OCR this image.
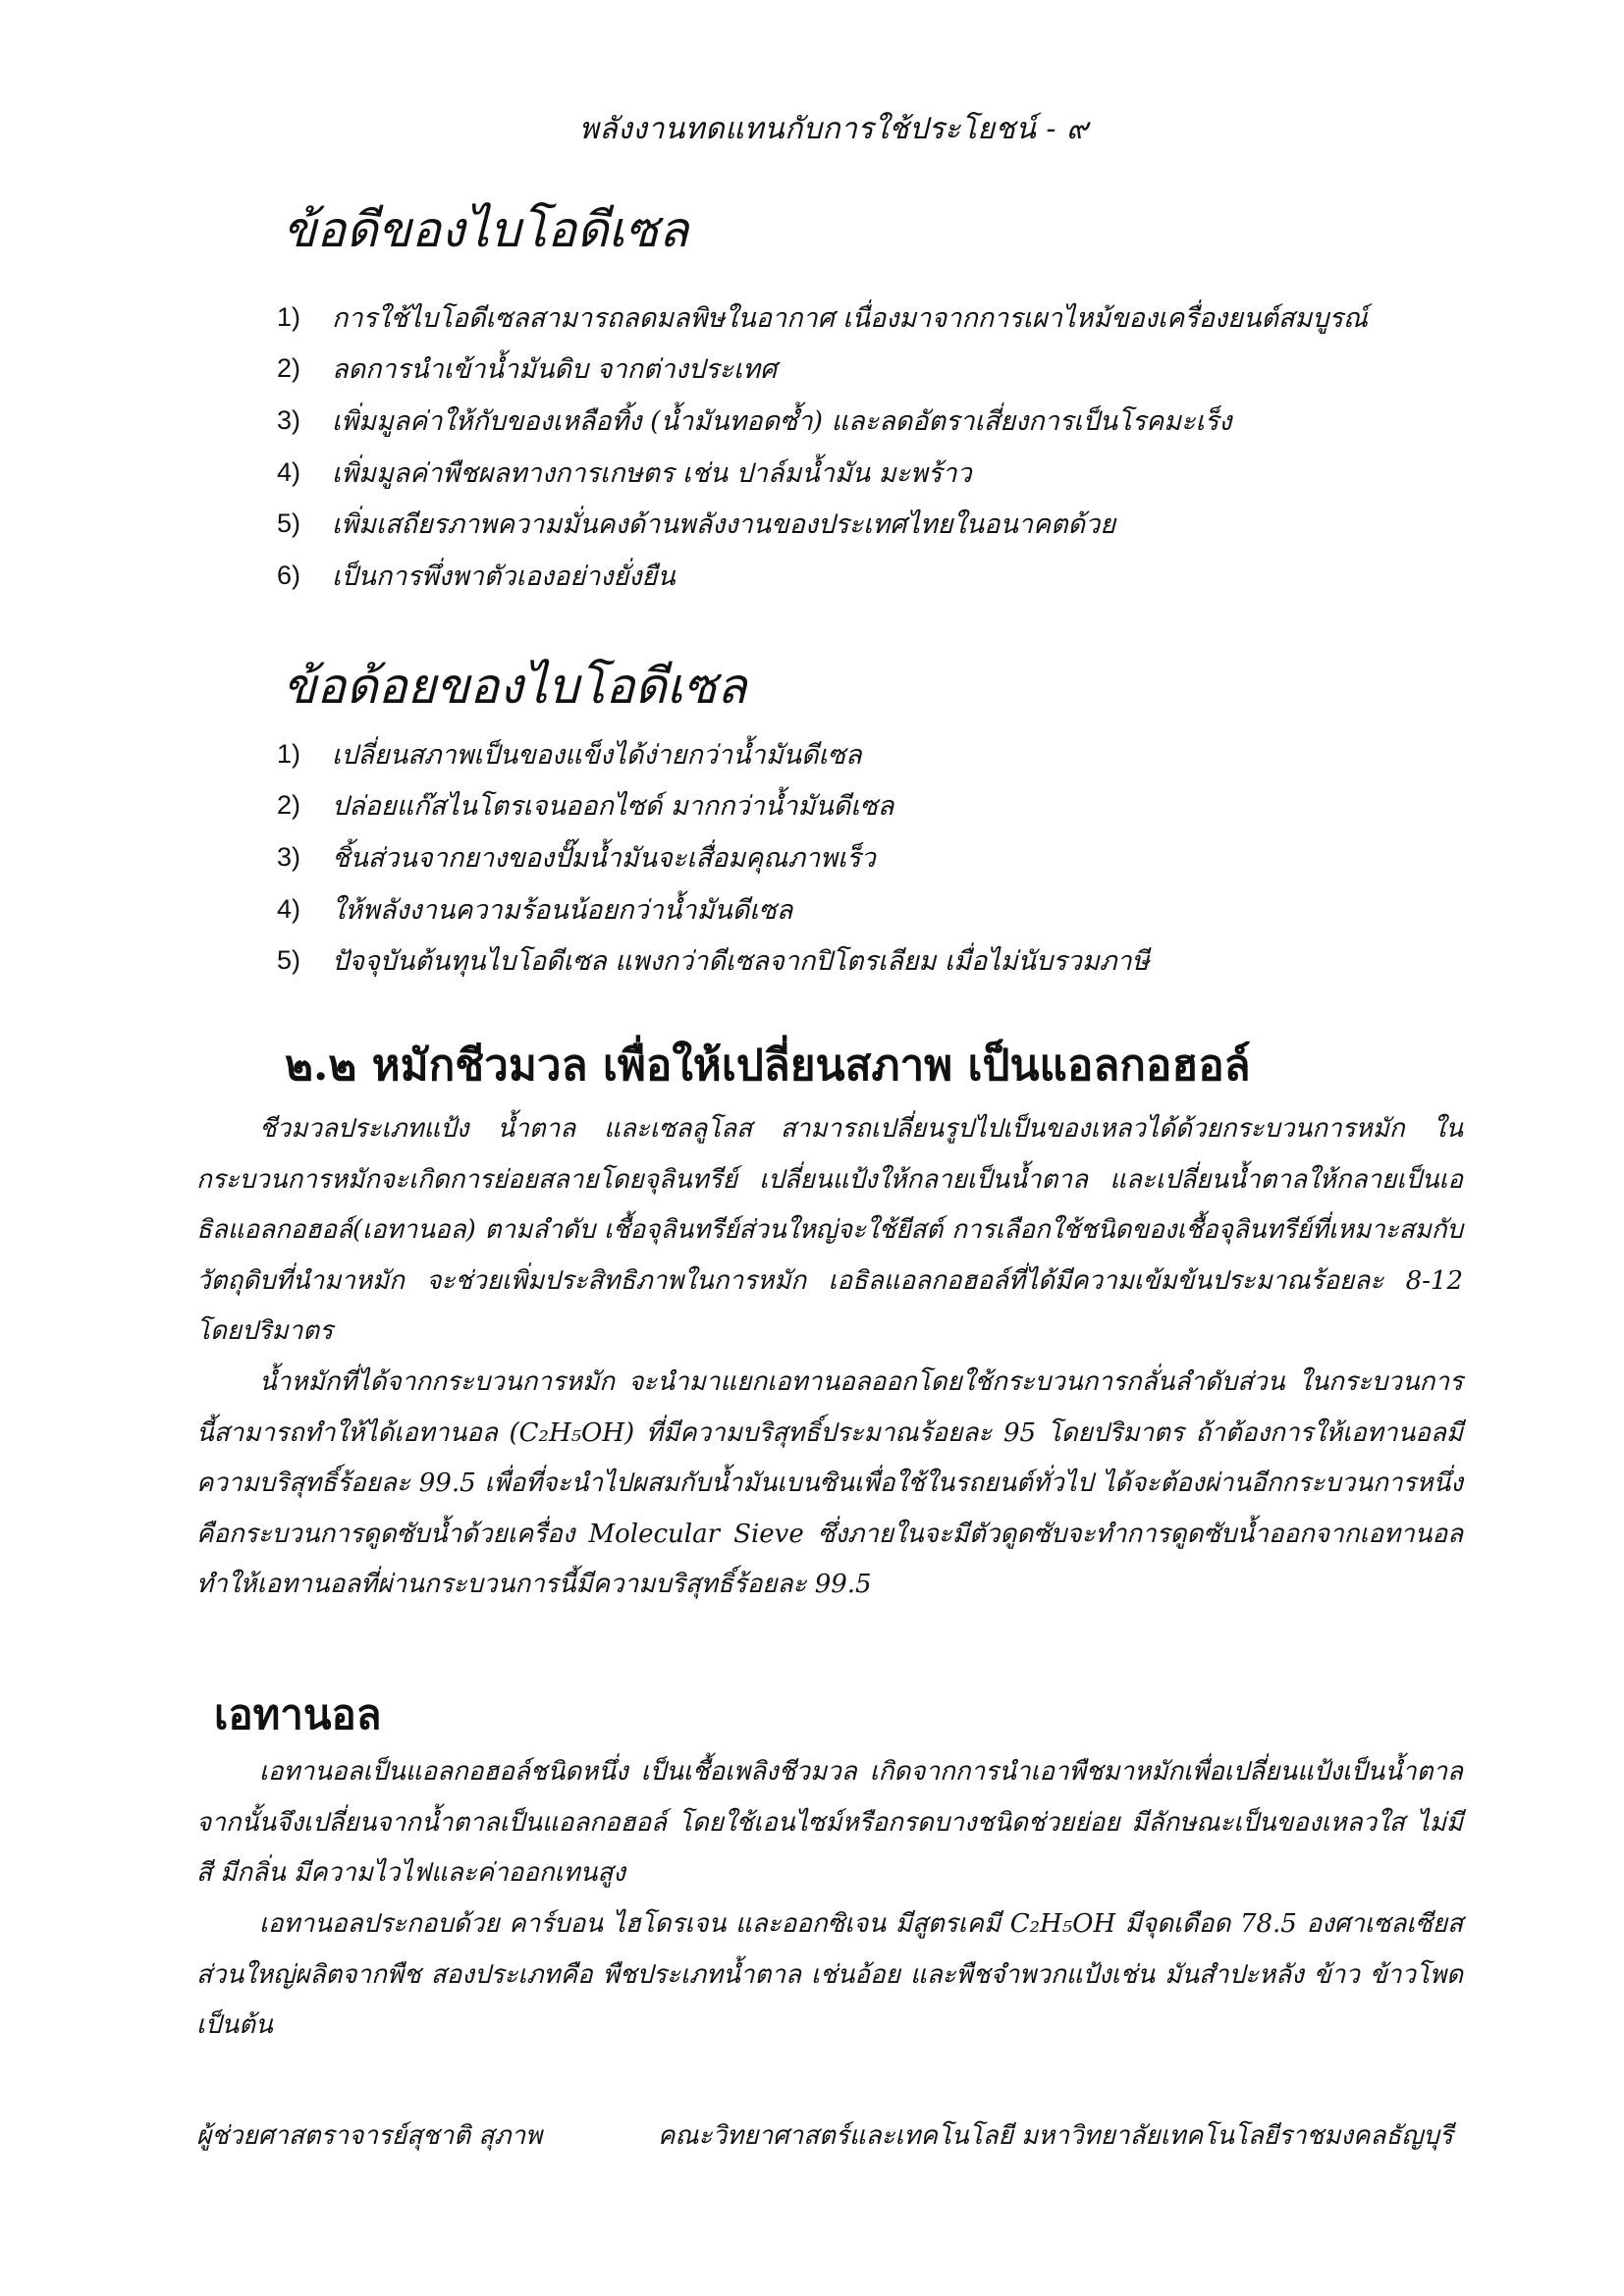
พลังงานทดแทนกับการใช้ประโยชน์ - ๙
ข้อดีของไบโอดีเซล
1)	การใช้ไบโอดีเซลสามารถลดมลพิษในอากาศ เนื่องมาจากการเผาไหม้ของเครื่องยนต์สมบูรณ์
2)	ลดการนำเข้าน้ำมันดิบ จากต่างประเทศ
3)	เพิ่มมูลค่าให้กับของเหลือทิ้ง (น้ำมันทอดซ้ำ) และลดอัตราเสี่ยงการเป็นโรคมะเร็ง
4)	เพิ่มมูลค่าพืชผลทางการเกษตร เช่น ปาล์มน้ำมัน มะพร้าว
5)	เพิ่มเสถียรภาพความมั่นคงด้านพลังงานของประเทศไทยในอนาคตด้วย
6)	เป็นการพึ่งพาตัวเองอย่างยั่งยืน
ข้อด้อยของไบโอดีเซล
1)	เปลี่ยนสภาพเป็นของแข็งได้ง่ายกว่าน้ำมันดีเซล
2)	ปล่อยแก๊สไนโตรเจนออกไซด์ มากกว่าน้ำมันดีเซล
3)	ชิ้นส่วนจากยางของปั๊มน้ำมันจะเสื่อมคุณภาพเร็ว
4)	ให้พลังงานความร้อนน้อยกว่าน้ำมันดีเซล
5)	ปัจจุบันต้นทุนไบโอดีเซล แพงกว่าดีเซลจากปิโตรเลียม เมื่อไม่นับรวมภาษี
๒.๒ หมักชีวมวล เพื่อให้เปลี่ยนสภาพ เป็นแอลกอฮอล์

ชีวมวลประเภทแป้ง น้ำตาล และเซลลูโลส สามารถเปลี่ยนรูปไปเป็นของเหลวได้ด้วยกระบวนการหมัก ในกระบวนการหมักจะเกิดการย่อยสลายโดยจุลินทรีย์ เปลี่ยนแป้งให้กลายเป็นน้ำตาล และเปลี่ยนน้ำตาลให้กลายเป็นเอธิลแอลกอฮอล์(เอทานอล) ตามลำดับ เชื้อจุลินทรีย์ส่วนใหญ่จะใช้ยีสต์ การเลือกใช้ชนิดของเชื้อจุลินทรีย์ที่เหมาะสมกับวัตถุดิบที่นำมาหมัก จะช่วยเพิ่มประสิทธิภาพในการหมัก เอธิลแอลกอฮอล์ที่ได้มีความเข้มข้นประมาณร้อยละ 8-12 โดยปริมาตร

น้ำหมักที่ได้จากกระบวนการหมัก จะนำมาแยกเอทานอลออกโดยใช้กระบวนการกลั่นลำดับส่วน ในกระบวนการนี้สามารถทำให้ได้เอทานอล (C₂H₅OH) ที่มีความบริสุทธิ์ประมาณร้อยละ 95 โดยปริมาตร ถ้าต้องการให้เอทานอลมีความบริสุทธิ์ร้อยละ 99.5 เพื่อที่จะนำไปผสมกับน้ำมันเบนซินเพื่อใช้ในรถยนต์ทั่วไป ได้จะต้องผ่านอีกกระบวนการหนึ่งคือกระบวนการดูดซับน้ำด้วยเครื่อง Molecular Sieve ซึ่งภายในจะมีตัวดูดซับจะทำการดูดซับน้ำออกจากเอทานอลทำให้เอทานอลที่ผ่านกระบวนการนี้มีความบริสุทธิ์ร้อยละ 99.5

เอทานอล

เอทานอลเป็นแอลกอฮอล์ชนิดหนึ่ง เป็นเชื้อเพลิงชีวมวล เกิดจากการนำเอาพืชมาหมักเพื่อเปลี่ยนแป้งเป็นน้ำตาล จากนั้นจึงเปลี่ยนจากน้ำตาลเป็นแอลกอฮอล์ โดยใช้เอนไซม์หรือกรดบางชนิดช่วยย่อย มีลักษณะเป็นของเหลวใส ไม่มีสี มีกลิ่น มีความไวไฟและค่าออกเทนสูง

เอทานอลประกอบด้วย คาร์บอน ไฮโดรเจน และออกซิเจน มีสูตรเคมี C₂H₅OH มีจุดเดือด 78.5 องศาเซลเซียส ส่วนใหญ่ผลิตจากพืช สองประเภทคือ พืชประเภทน้ำตาล เช่นอ้อย และพืชจำพวกแป้งเช่น มันสำปะหลัง ข้าว ข้าวโพด เป็นต้น

ผู้ช่วยศาสตราจารย์สุชาติ สุภาพ	คณะวิทยาศาสตร์และเทคโนโลยี มหาวิทยาลัยเทคโนโลยีราชมงคลธัญบุรี
